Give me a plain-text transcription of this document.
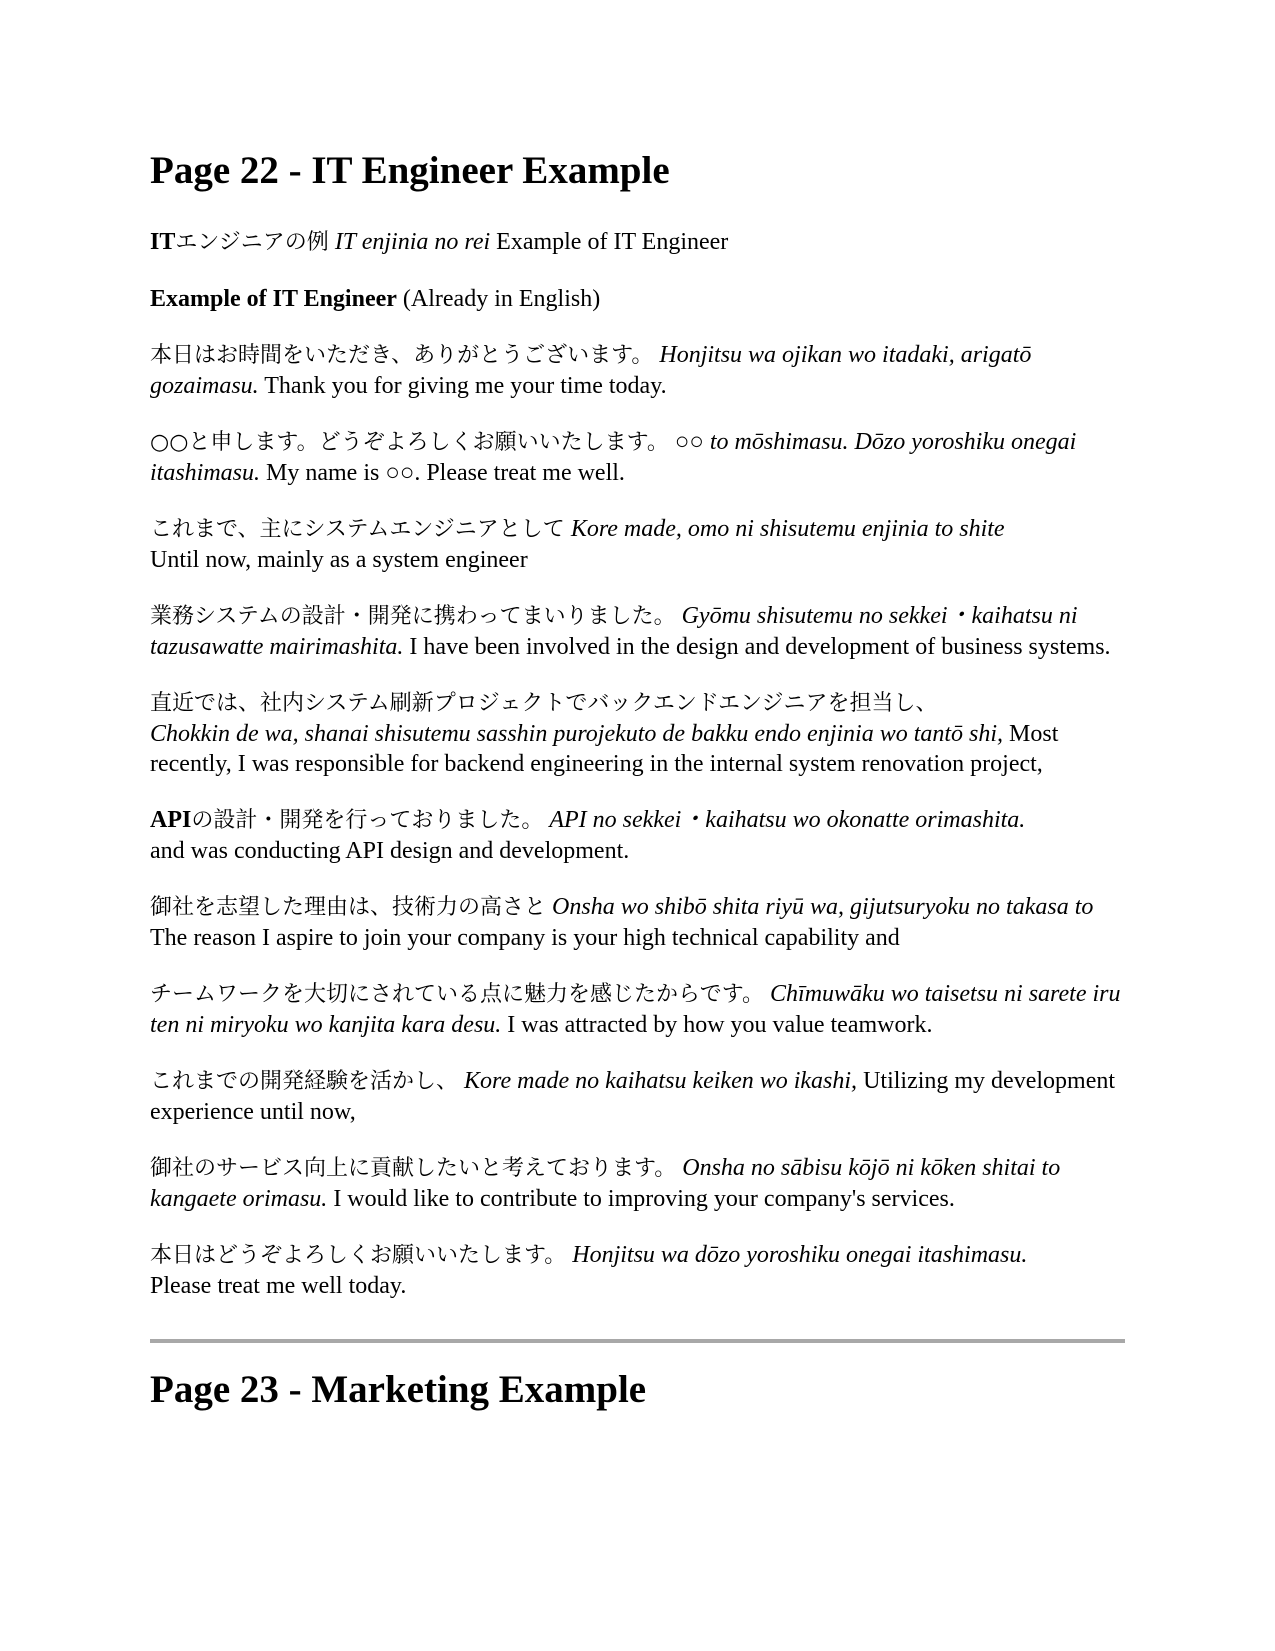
Page 22 - IT Engineer Example

ITエンジニアの例 IT enjinia no rei Example of IT Engineer

Example of IT Engineer (Already in English)

本日はお時間をいただき、ありがとうございます。 Honjitsu wa ojikan wo itadaki, arigatō gozaimasu. Thank you for giving me your time today.

○○と申します。どうぞよろしくお願いいたします。 ○○ to mōshimasu. Dōzo yoroshiku onegai itashimasu. My name is ○○. Please treat me well.

これまで、主にシステムエンジニアとして Kore made, omo ni shisutemu enjinia to shite
Until now, mainly as a system engineer

業務システムの設計・開発に携わってまいりました。 Gyōmu shisutemu no sekkei・kaihatsu ni tazusawatte mairimashita. I have been involved in the design and development of business systems.

直近では、社内システム刷新プロジェクトでバックエンドエンジニアを担当し、
Chokkin de wa, shanai shisutemu sasshin purojekuto de bakku endo enjinia wo tantō shi, Most recently, I was responsible for backend engineering in the internal system renovation project,

APIの設計・開発を行っておりました。 API no sekkei・kaihatsu wo okonatte orimashita.
and was conducting API design and development.

御社を志望した理由は、技術力の高さと Onsha wo shibō shita riyū wa, gijutsuryoku no takasa to The reason I aspire to join your company is your high technical capability and

チームワークを大切にされている点に魅力を感じたからです。 Chīmuwāku wo taisetsu ni sarete iru ten ni miryoku wo kanjita kara desu. I was attracted by how you value teamwork.

これまでの開発経験を活かし、 Kore made no kaihatsu keiken wo ikashi, Utilizing my development experience until now,

御社のサービス向上に貢献したいと考えております。 Onsha no sābisu kōjō ni kōken shitai to kangaete orimasu. I would like to contribute to improving your company's services.

本日はどうぞよろしくお願いいたします。 Honjitsu wa dōzo yoroshiku onegai itashimasu.
Please treat me well today.

Page 23 - Marketing Example
